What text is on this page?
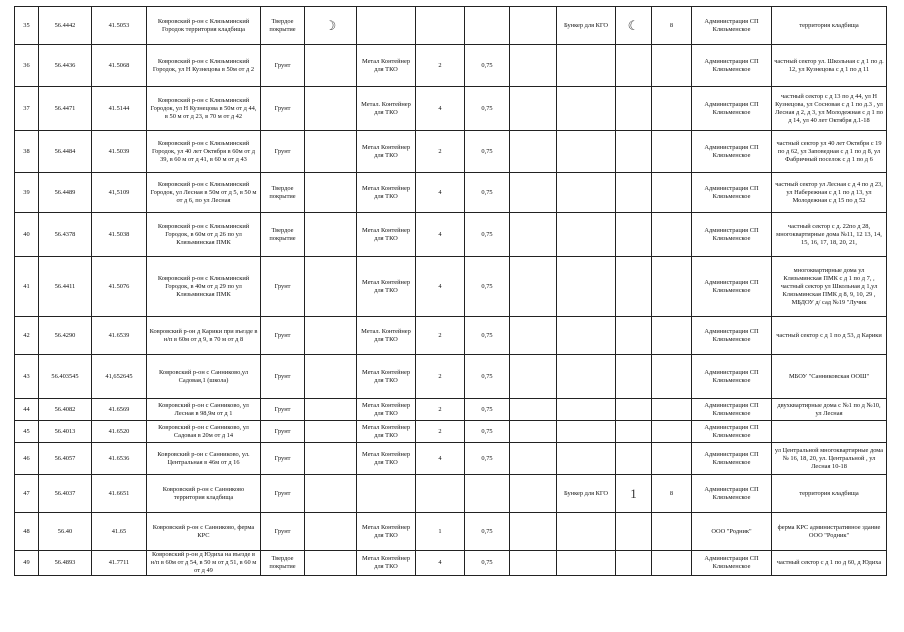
35	56.4442	41.5053	Ковровский р-он с Клязьминский Городок территория кладбища	Твердое покрытие	☽					Бункер для КГО	☾	8	Администрация СП Клязьменское	территория кладбища
36	56.4436	41.5068	Ковровский р-он с Клязьминский Городок, ул Н Кузнецова в 50м от д 2	Грунт		Метал Контейнер для ТКО	2	0,75					Администрация СП Клязьменское	частный сектор ул. Школьная с д 1 по д. 12, ул Кузнецова с д 1 по д 11
37	56.4471	41.5144	Ковровский р-он с Клязьминский Городок, ул Н Кузнецова в 50м от д 44, в 50 м от д 23, в 70 м от д 42	Грунт		Метал. Контейнер для ТКО	4	0,75					Администрация СП Клязьменское	частный сектор с д 13 по д 44, ул Н Кузнецова, ул Сосновая с д 1 по д.3 , ул Лесная д 2, д 3, ул Молодежная с д 1 по д 14, ул 40 лет Октября д.1-18
38	56.4484	41.5039	Ковровский р-он с Клязьминский Городок, ул 40 лет Октября в 60м от д 39, в 60 м от д 41, в 60 м от д 43	Грунт		Метал Контейнер для ТКО	2	0,75					Администрация СП Клязьменское	частный сектор ул 40 лет Октября с 19 по д 62, ул Заповедная с д 1 по д 8, ул Фабричный поселок с д 1 по д 6
39	56.4489	41,5109	Ковровский р-он с Клязьминский Городок, ул Лесная в 50м от д 5, в 50 м от д 6, по ул Лесная	Твердое покрытие		Метал Контейнер для ТКО	4	0,75					Администрация СП Клязьменское	частный сектор ул Лесная с д 4 по д 23, ул Набережная с д 1 по д 13, ул Молодежная с д 15 по д 52
40	56.4378	41.5038	Ковровский р-он с Клязьминский Городок, в 60м от д 26 по ул Клязьминская ПМК	Твердое покрытие		Метал Контейнер для ТКО	4	0,75					Администрация СП Клязьменское	частный сектор с д. 22по д 28, многоквартирные дома №11, 12 13, 14, 15, 16, 17, 18, 20, 21,
41	56.4411	41.5076	Ковровский р-он с Клязьминский Городок, в 40м от д 29 по ул Клязьминская ПМК	Грунт		Метал Контейнер для ТКО	4	0,75					Администрация СП Клязьменское	многоквартирные дома ул Клязьминская ПМК с д 1 по д 7, , частный сектор ул Школьная д 1,ул Клязьминская ПМК д 8, 9, 10, 29 , МБДОУ д/ сад №19 "Лучик
42	56.4290	41.6539	Ковровский р-он д Карики при въезде в н/п в 60м от д 9, в 70 м от д 8	Грунт		Метал. Контейнер для ТКО	2	0,75					Администрация СП Клязьменское	частный сектор с д 1 по д 53, д Карики
43	56.403545	41,652645	Ковровский р-он с Санниково,ул Садовая,1 (школа)	Грунт		Метал Контейнер для ТКО	2	0,75					Администрация СП Клязьменское	МБОУ "Санниковская ООШ"
44	56.4082	41.6569	Ковровский р-он с Санниково, ул Лесная в 98,9м от д 1	Грунт		Метал Контейнер для ТКО	2	0,75					Администрация СП Клязьменское	двухквартирные дома с №1 по д №10, ул Лесная
45	56.4013	41.6520	Ковровский р-он с Санниково, ул Садовая в 20м от д 14	Грунт		Метал Контейнер для ТКО	2	0,75					Администрация СП Клязьменское	
46	56.4057	41.6536	Ковровский р-он с Санниково, ул. Центральная в 46м от д 16	Грунт		Метал Контейнер для ТКО	4	0,75					Администрация СП Клязьменское	ул Центральной многоквартирные дома № 16, 18, 20, ул. Центральной , ул Лесная 10-18
47	56.4037	41.6651	Ковровский р-он с Санниково территория кладбища	Грунт						Бункер для КГО	1	8	Администрация СП Клязьменское	территория кладбища
48	56.40	41.65	Ковровский р-он с Санниково, ферма КРС	Грунт		Метал Контейнер для ТКО	1	0,75					ООО "Родник"	ферма КРС административное здание ООО "Родник"
49	56.4893	41.7711	Ковровский р-он д Юдиха на въезде в н/п в 60м от д 54, в 50 м от д 51, в 60 м от д 49	Твердое покрытие		Метал Контейнер для ТКО	4	0,75					Администрация СП Клязьменское	частный сектор с д 1 по д 60, д Юдиха
